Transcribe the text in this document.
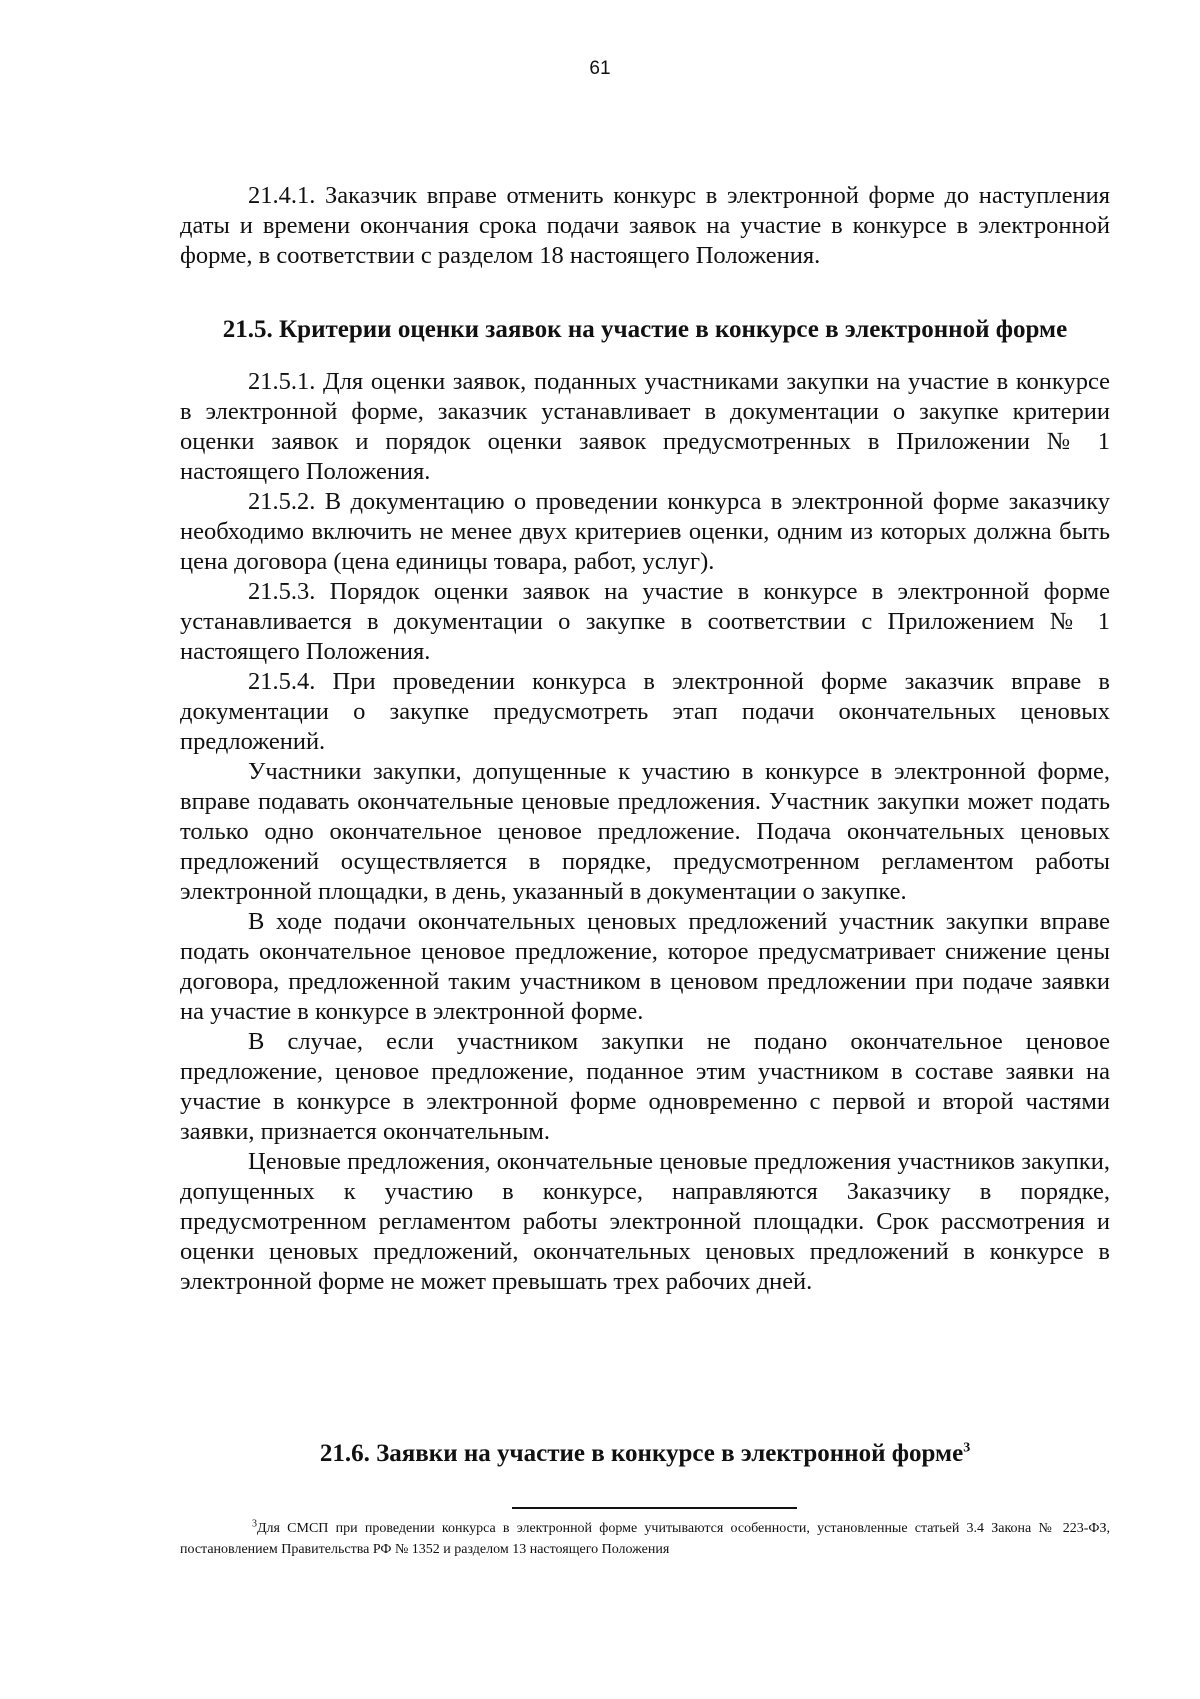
61

21.4.1. Заказчик вправе отменить конкурс в электронной форме до наступления даты и времени окончания срока подачи заявок на участие в конкурсе в электронной форме, в соответствии с разделом 18 настоящего Положения.

21.5. Критерии оценки заявок на участие в конкурсе в электронной форме

21.5.1. Для оценки заявок, поданных участниками закупки на участие в конкурсе в электронной форме, заказчик устанавливает в документации о закупке критерии оценки заявок и порядок оценки заявок предусмотренных в Приложении № 1 настоящего Положения.

21.5.2. В документацию о проведении конкурса в электронной форме заказчику необходимо включить не менее двух критериев оценки, одним из которых должна быть цена договора (цена единицы товара, работ, услуг).

21.5.3. Порядок оценки заявок на участие в конкурсе в электронной форме устанавливается в документации о закупке в соответствии с Приложением № 1 настоящего Положения.

21.5.4. При проведении конкурса в электронной форме заказчик вправе в документации о закупке предусмотреть этап подачи окончательных ценовых предложений.

Участники закупки, допущенные к участию в конкурсе в электронной форме, вправе подавать окончательные ценовые предложения. Участник закупки может подать только одно окончательное ценовое предложение. Подача окончательных ценовых предложений осуществляется в порядке, предусмотренном регламентом работы электронной площадки, в день, указанный в документации о закупке.

В ходе подачи окончательных ценовых предложений участник закупки вправе подать окончательное ценовое предложение, которое предусматривает снижение цены договора, предложенной таким участником в ценовом предложении при подаче заявки на участие в конкурсе в электронной форме.

В случае, если участником закупки не подано окончательное ценовое предложение, ценовое предложение, поданное этим участником в составе заявки на участие в конкурсе в электронной форме одновременно с первой и второй частями заявки, признается окончательным.

Ценовые предложения, окончательные ценовые предложения участников закупки, допущенных к участию в конкурсе, направляются Заказчику в порядке, предусмотренном регламентом работы электронной площадки. Срок рассмотрения и оценки ценовых предложений, окончательных ценовых предложений в конкурсе в электронной форме не может превышать трех рабочих дней.

21.6. Заявки на участие в конкурсе в электронной форме$^3$
$^3$Для СМСП при проведении конкурса в электронной форме учитываются особенности, установленные статьей 3.4 Закона № 223-ФЗ, постановлением Правительства РФ № 1352 и разделом 13 настоящего Положения
